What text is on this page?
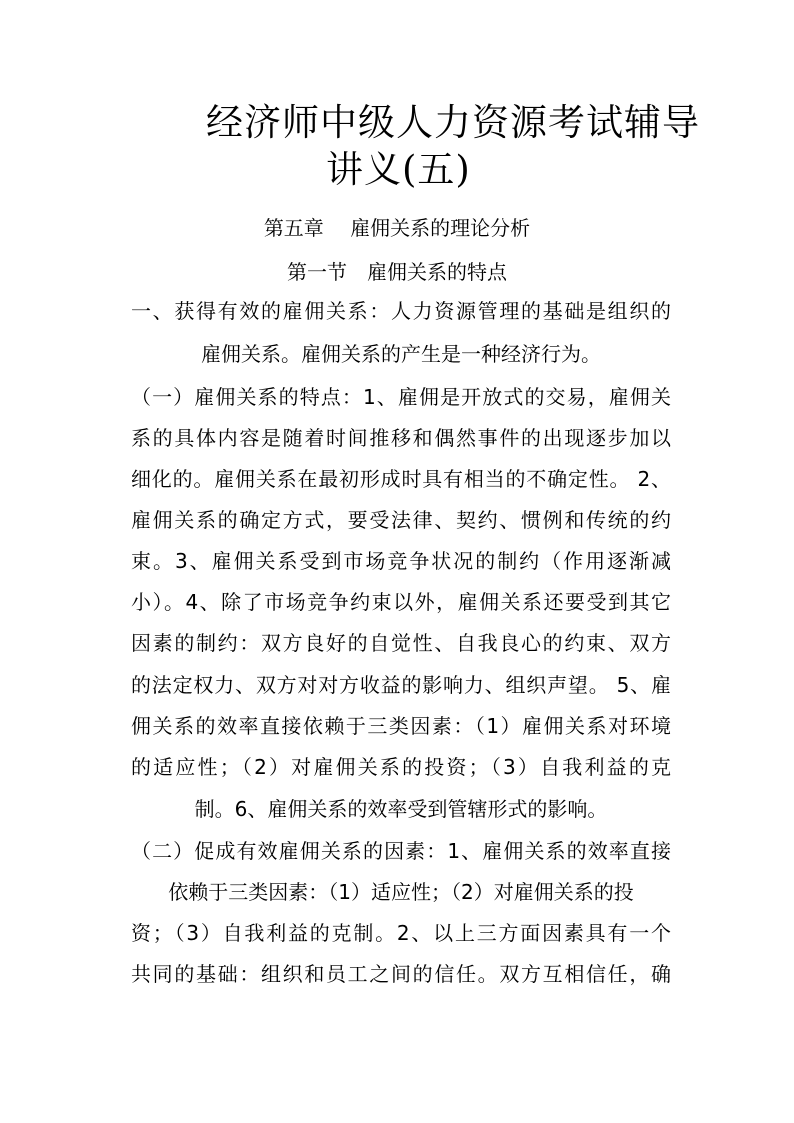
经济师中级人力资源考试辅导
讲义(五)
第五章　 雇佣关系的理论分析
第一节　雇佣关系的特点
一、获得有效的雇佣关系：人力资源管理的基础是组织的
雇佣关系。雇佣关系的产生是一种经济行为。
（一）雇佣关系的特点：1、雇佣是开放式的交易，雇佣关
系的具体内容是随着时间推移和偶然事件的出现逐步加以
细化的。雇佣关系在最初形成时具有相当的不确定性。 2、
雇佣关系的确定方式，要受法律、契约、惯例和传统的约
束。3、雇佣关系受到市场竞争状况的制约（作用逐渐减
小）。4、除了市场竞争约束以外，雇佣关系还要受到其它
因素的制约：双方良好的自觉性、自我良心的约束、双方
的法定权力、双方对对方收益的影响力、组织声望。 5、雇
佣关系的效率直接依赖于三类因素：（1）雇佣关系对环境
的适应性；（2）对雇佣关系的投资；（3）自我利益的克
制。6、雇佣关系的效率受到管辖形式的影响。
（二）促成有效雇佣关系的因素：1、雇佣关系的效率直接
依赖于三类因素：（1）适应性；（2）对雇佣关系的投
资；（3）自我利益的克制。2、以上三方面因素具有一个
共同的基础：组织和员工之间的信任。双方互相信任，确
